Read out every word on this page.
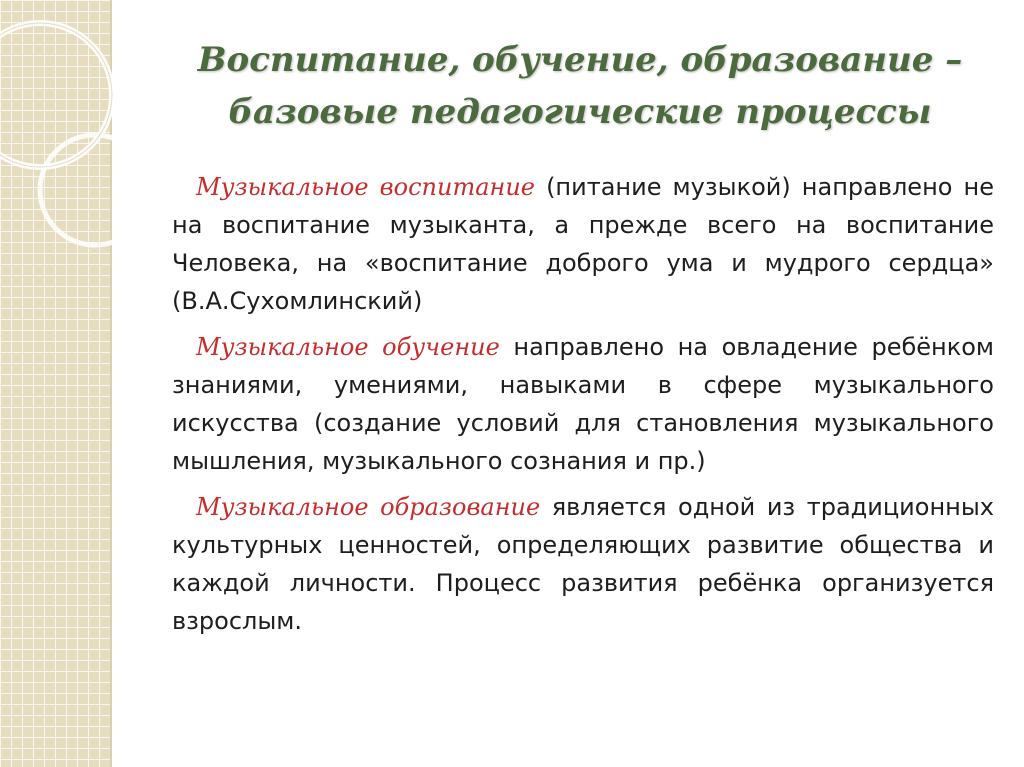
Воспитание, обучение, образование –
базовые педагогические процессы

Музыкальное воспитание (питание музыкой) направлено не на воспитание музыканта, а прежде всего на воспитание Человека, на «воспитание доброго ума и мудрого сердца» (В.А.Сухомлинский)

Музыкальное обучение направлено на овладение ребёнком знаниями, умениями, навыками в сфере музыкального искусства (создание условий для становления музыкального мышления, музыкального сознания и пр.)

Музыкальное образование является одной из традиционных культурных ценностей, определяющих развитие общества и каждой личности. Процесс развития ребёнка организуется взрослым.
